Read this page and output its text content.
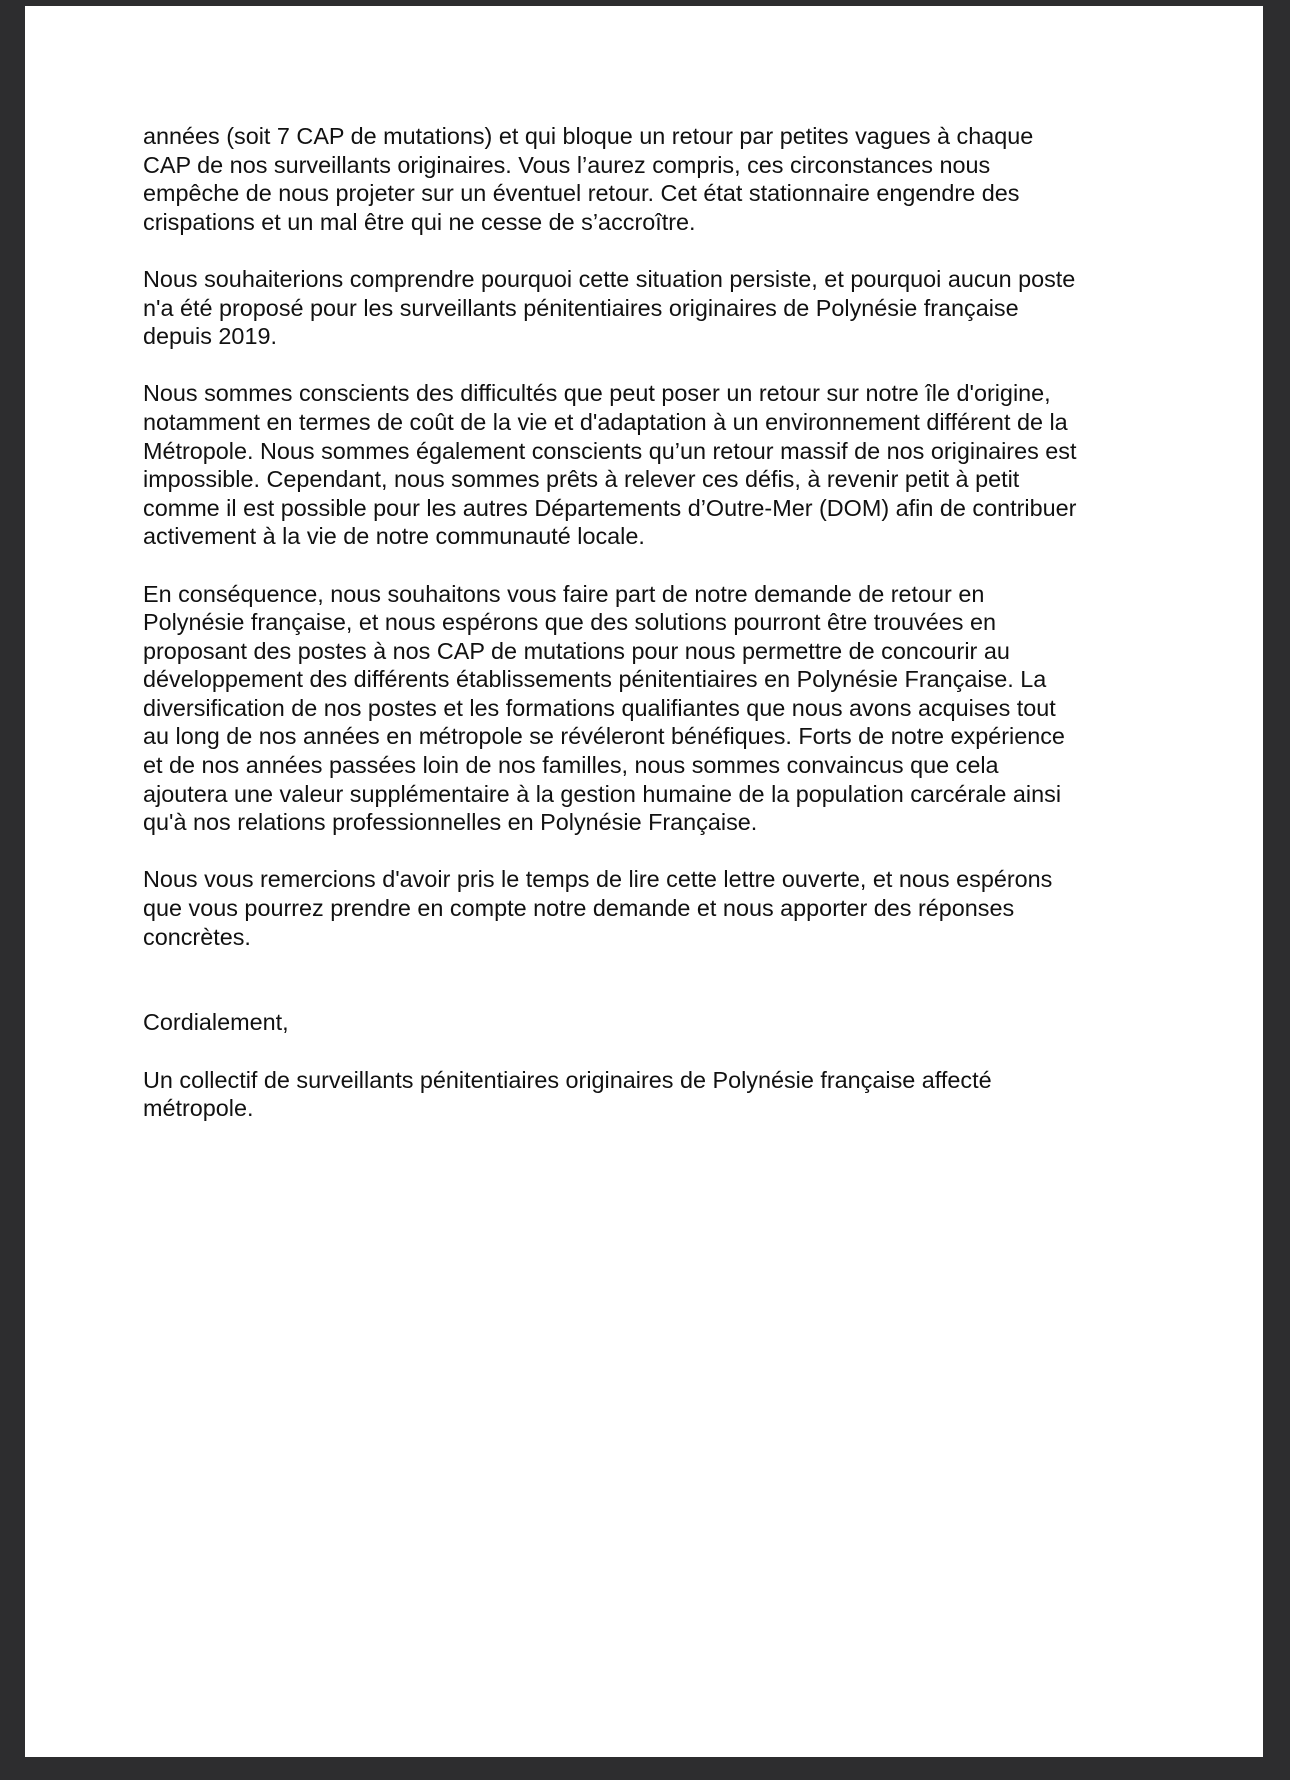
années (soit 7 CAP de mutations) et qui bloque un retour par petites vagues à chaque
CAP de nos surveillants originaires. Vous l’aurez compris, ces circonstances nous
empêche de nous projeter sur un éventuel retour. Cet état stationnaire engendre des
crispations et un mal être qui ne cesse de s’accroître.

Nous souhaiterions comprendre pourquoi cette situation persiste, et pourquoi aucun poste
n'a été proposé pour les surveillants pénitentiaires originaires de Polynésie française
depuis 2019.

Nous sommes conscients des difficultés que peut poser un retour sur notre île d'origine,
notamment en termes de coût de la vie et d'adaptation à un environnement différent de la
Métropole. Nous sommes également conscients qu’un retour massif de nos originaires est
impossible. Cependant, nous sommes prêts à relever ces défis, à revenir petit à petit
comme il est possible pour les autres Départements d’Outre-Mer (DOM) afin de contribuer
activement à la vie de notre communauté locale.

En conséquence, nous souhaitons vous faire part de notre demande de retour en
Polynésie française, et nous espérons que des solutions pourront être trouvées en
proposant des postes à nos CAP de mutations pour nous permettre de concourir au
développement des différents établissements pénitentiaires en Polynésie Française. La
diversification de nos postes et les formations qualifiantes que nous avons acquises tout
au long de nos années en métropole se révéleront bénéfiques. Forts de notre expérience
et de nos années passées loin de nos familles, nous sommes convaincus que cela
ajoutera une valeur supplémentaire à la gestion humaine de la population carcérale ainsi
qu'à nos relations professionnelles en Polynésie Française.

Nous vous remercions d'avoir pris le temps de lire cette lettre ouverte, et nous espérons
que vous pourrez prendre en compte notre demande et nous apporter des réponses
concrètes.

Cordialement,

Un collectif de surveillants pénitentiaires originaires de Polynésie française affecté
métropole.
